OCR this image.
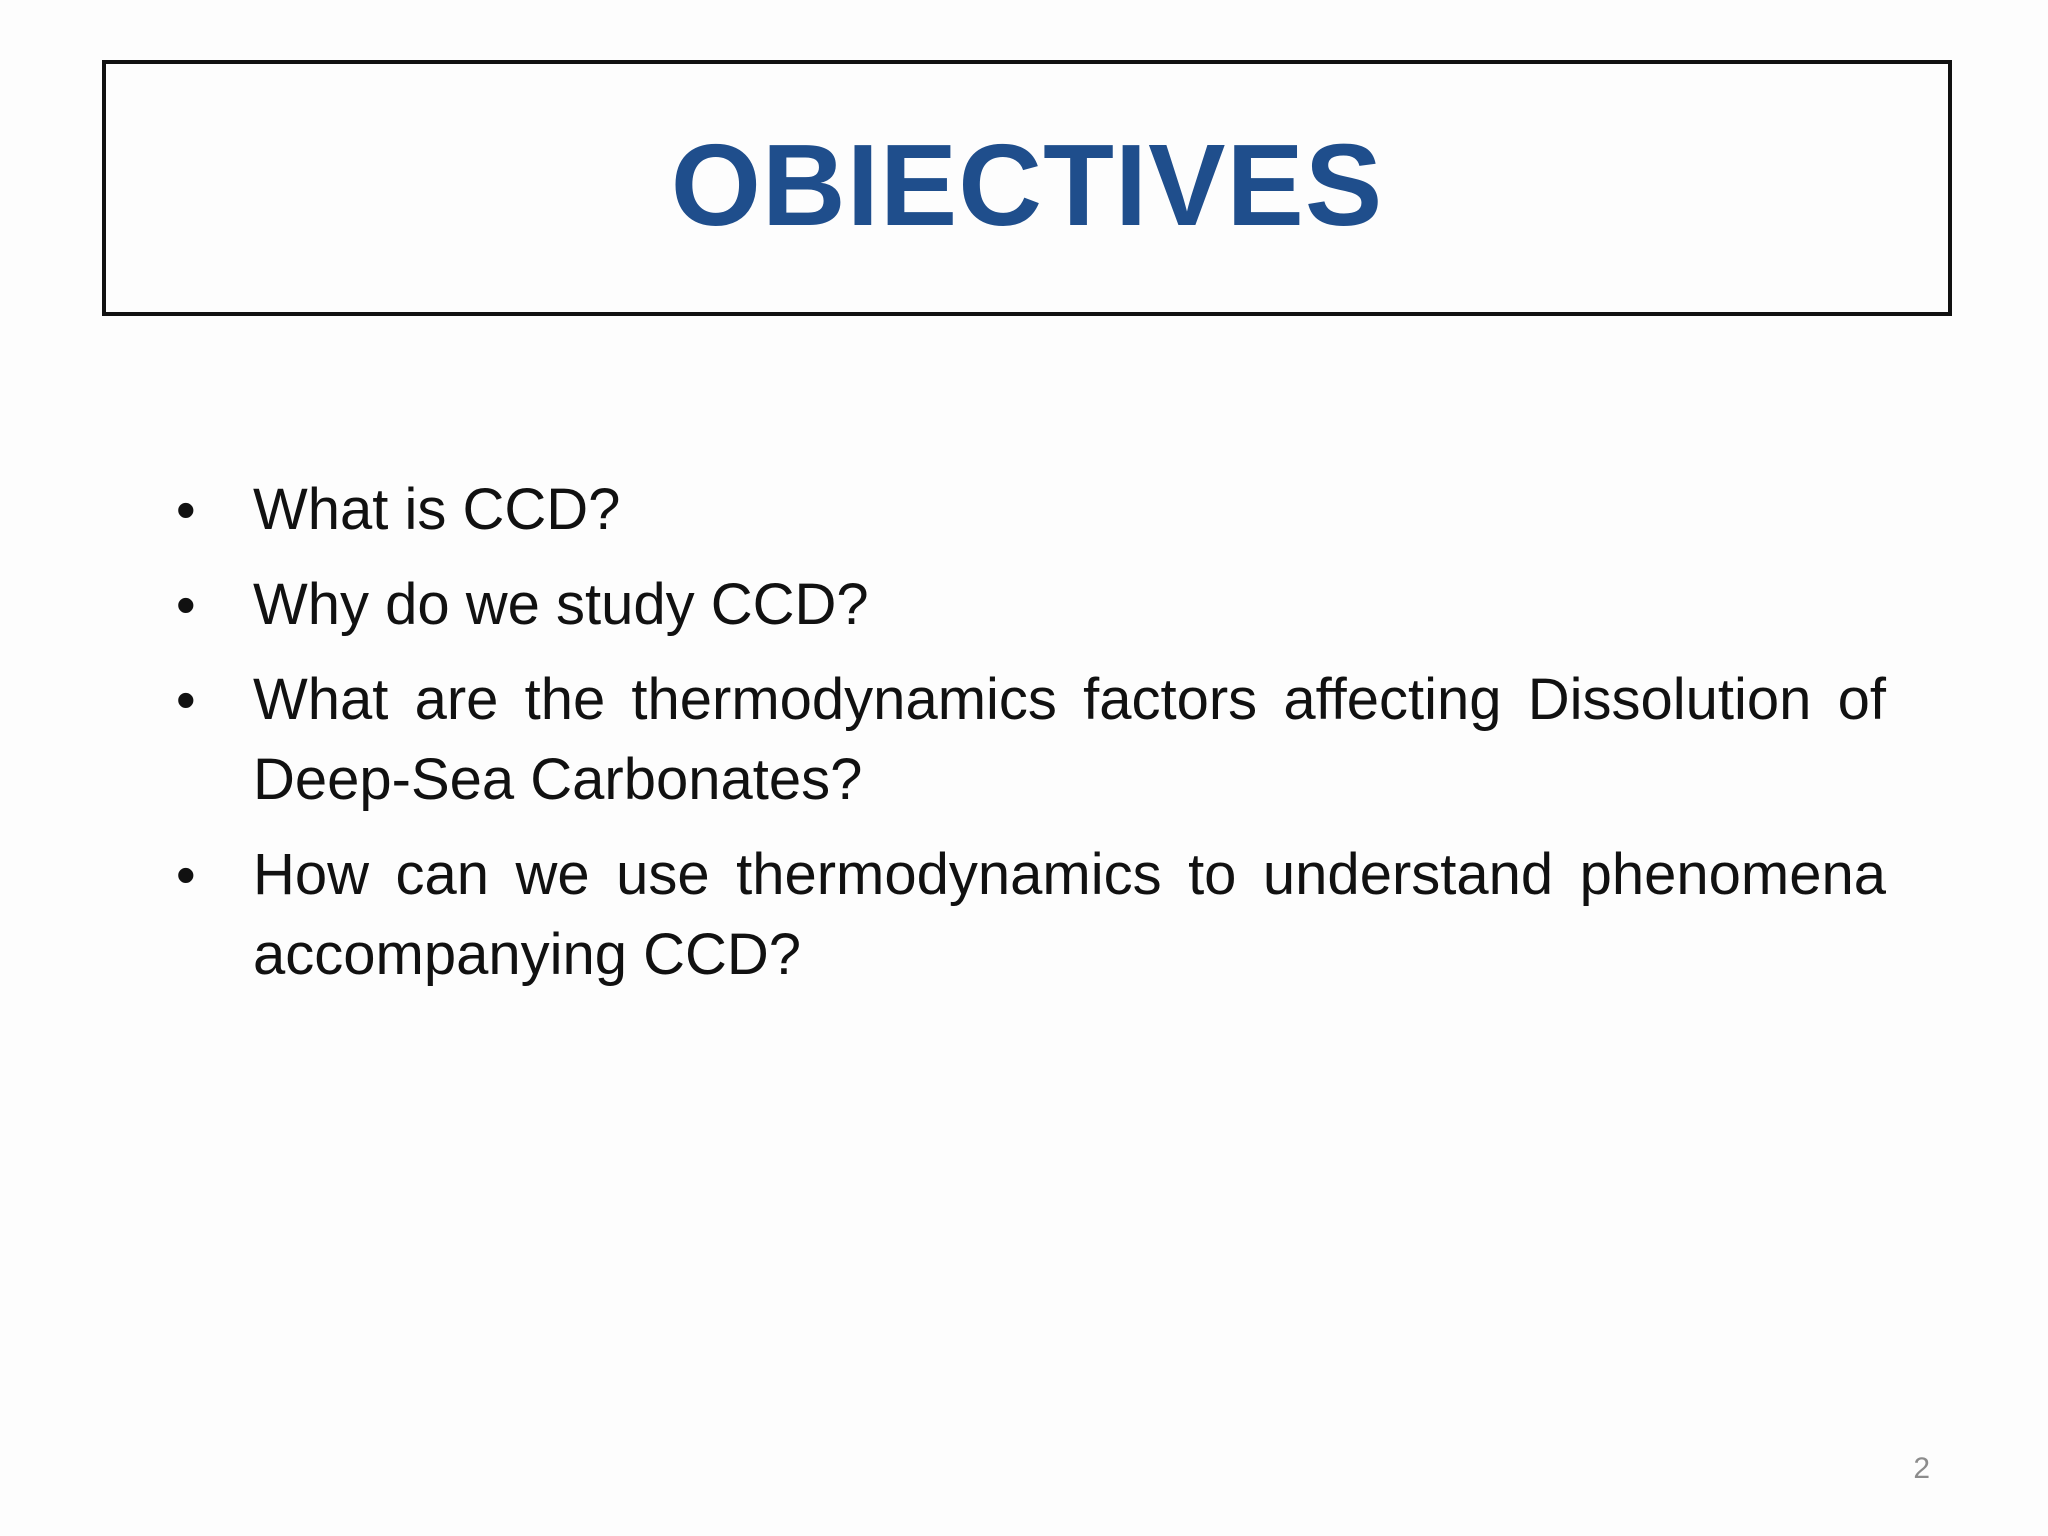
OBIECTIVES
• What is CCD?
• Why do we study CCD?
• What are the thermodynamics factors affecting Dissolution of Deep-Sea Carbonates?
• How can we use thermodynamics to understand phenomena accompanying CCD?
2
